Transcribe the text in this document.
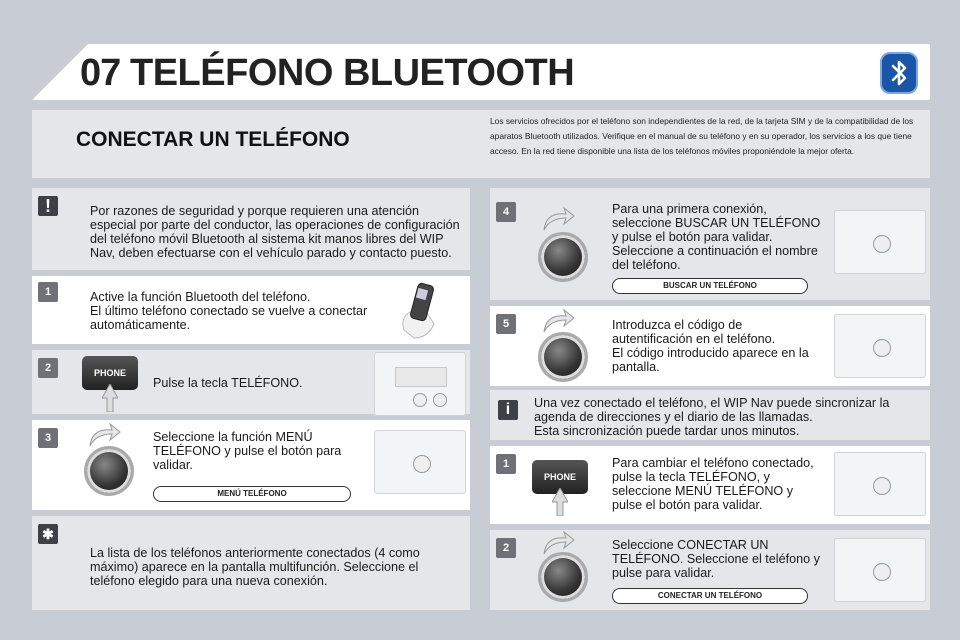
07 TELÉFONO BLUETOOTH
CONECTAR UN TELÉFONO
Los servicios ofrecidos por el teléfono son independientes de la red, de la tarjeta SIM y de la compatibilidad de los aparatos Bluetooth utilizados. Verifique en el manual de su teléfono y en su operador, los servicios a los que tiene acceso. En la red tiene disponible una lista de los teléfonos móviles proponiéndole la mejor oferta.
!	Por razones de seguridad y porque requieren una atención especial por parte del conductor, las operaciones de configuración del teléfono móvil Bluetooth al sistema kit manos libres del WIP Nav, deben efectuarse con el vehículo parado y contacto puesto.
1	Active la función Bluetooth del teléfono.
El último teléfono conectado se vuelve a conectar automáticamente.
2	PHONE
Pulse la tecla TELÉFONO.
3	Seleccione la función MENÚ TELÉFONO y pulse el botón para validar.
MENÚ TELÉFONO
✱
La lista de los teléfonos anteriormente conectados (4 como máximo) aparece en la pantalla multifunción. Seleccione el teléfono elegido para una nueva conexión.
4	Para una primera conexión, seleccione BUSCAR UN TELÉFONO y pulse el botón para validar. Seleccione a continuación el nombre del teléfono.
BUSCAR UN TELÉFONO
5	Introduzca el código de autentificación en el teléfono.
El código introducido aparece en la pantalla.
i	Una vez conectado el teléfono, el WIP Nav puede sincronizar la agenda de direcciones y el diario de las llamadas.
Esta sincronización puede tardar unos minutos.
1
PHONE
Para cambiar el teléfono conectado, pulse la tecla TELÉFONO, y seleccione MENÚ TELÉFONO y pulse el botón para validar.
2	Seleccione CONECTAR UN TELÉFONO. Seleccione el teléfono y pulse para validar.
CONECTAR UN TELÉFONO
